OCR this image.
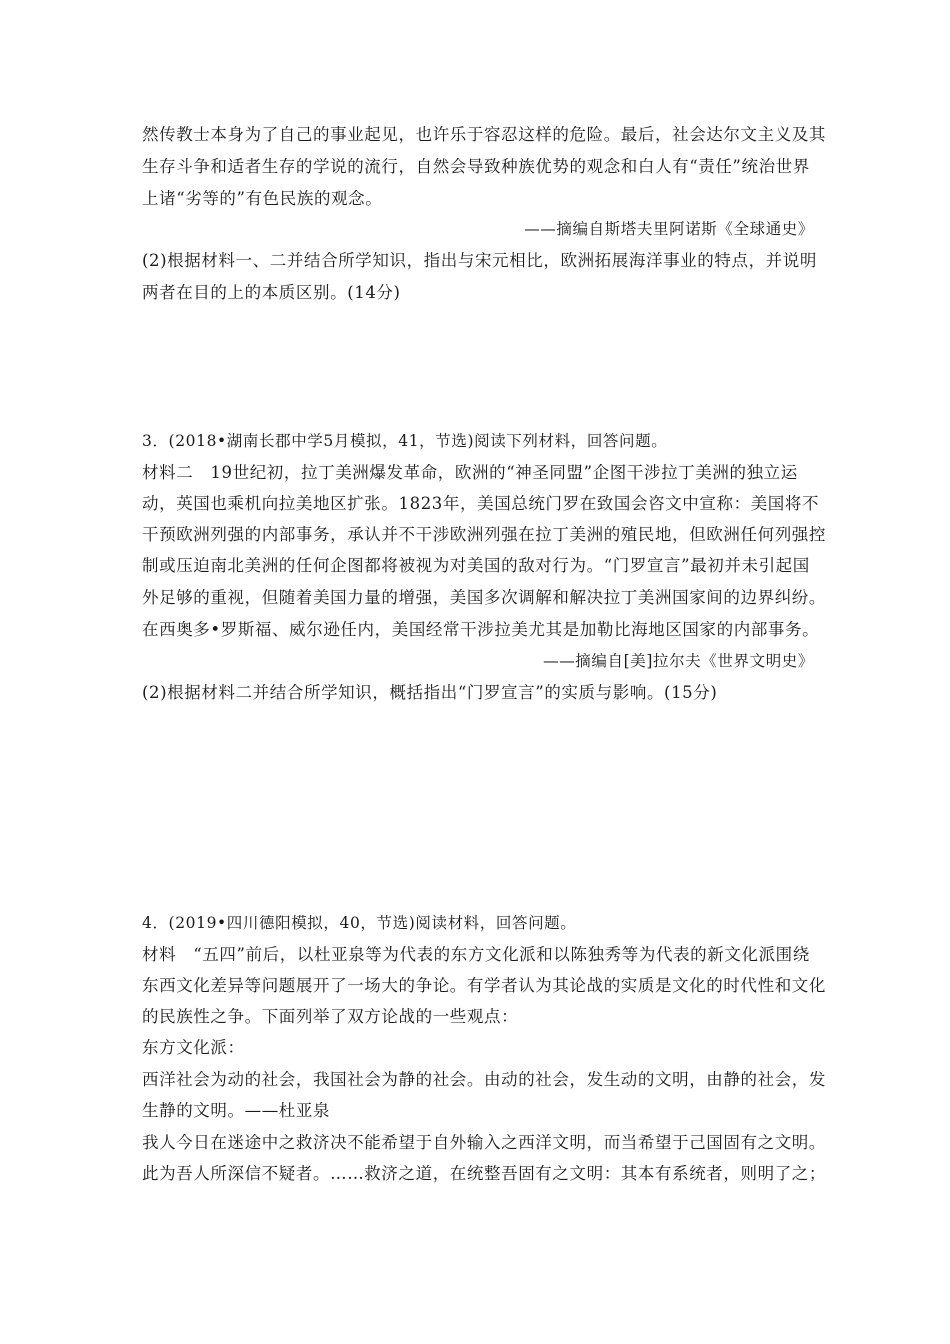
然传教士本身为了自己的事业起见，也许乐于容忍这样的危险。最后，社会达尔文主义及其
生存斗争和适者生存的学说的流行，自然会导致种族优势的观念和白人有“责任”统治世界
上诸“劣等的”有色民族的观念。
——摘编自斯塔夫里阿诺斯《全球通史》
(2)根据材料一、二并结合所学知识，指出与宋元相比，欧洲拓展海洋事业的特点，并说明
两者在目的上的本质区别。(14分)
3．(2018•湖南长郡中学5月模拟，41，节选)阅读下列材料，回答问题。
材料二　19世纪初，拉丁美洲爆发革命，欧洲的“神圣同盟”企图干涉拉丁美洲的独立运
动，英国也乘机向拉美地区扩张。1823年，美国总统门罗在致国会咨文中宣称：美国将不
干预欧洲列强的内部事务，承认并不干涉欧洲列强在拉丁美洲的殖民地，但欧洲任何列强控
制或压迫南北美洲的任何企图都将被视为对美国的敌对行为。“门罗宣言”最初并未引起国
外足够的重视，但随着美国力量的增强，美国多次调解和解决拉丁美洲国家间的边界纠纷。
在西奥多•罗斯福、威尔逊任内，美国经常干涉拉美尤其是加勒比海地区国家的内部事务。
——摘编自[美]拉尔夫《世界文明史》
(2)根据材料二并结合所学知识，概括指出“门罗宣言”的实质与影响。(15分)
4．(2019•四川德阳模拟，40，节选)阅读材料，回答问题。
材料　“五四”前后，以杜亚泉等为代表的东方文化派和以陈独秀等为代表的新文化派围绕
东西文化差异等问题展开了一场大的争论。有学者认为其论战的实质是文化的时代性和文化
的民族性之争。下面列举了双方论战的一些观点：
东方文化派：
西洋社会为动的社会，我国社会为静的社会。由动的社会，发生动的文明，由静的社会，发
生静的文明。——杜亚泉
我人今日在迷途中之救济决不能希望于自外输入之西洋文明，而当希望于己国固有之文明。
此为吾人所深信不疑者。……救济之道，在统整吾固有之文明：其本有系统者，则明了之；
